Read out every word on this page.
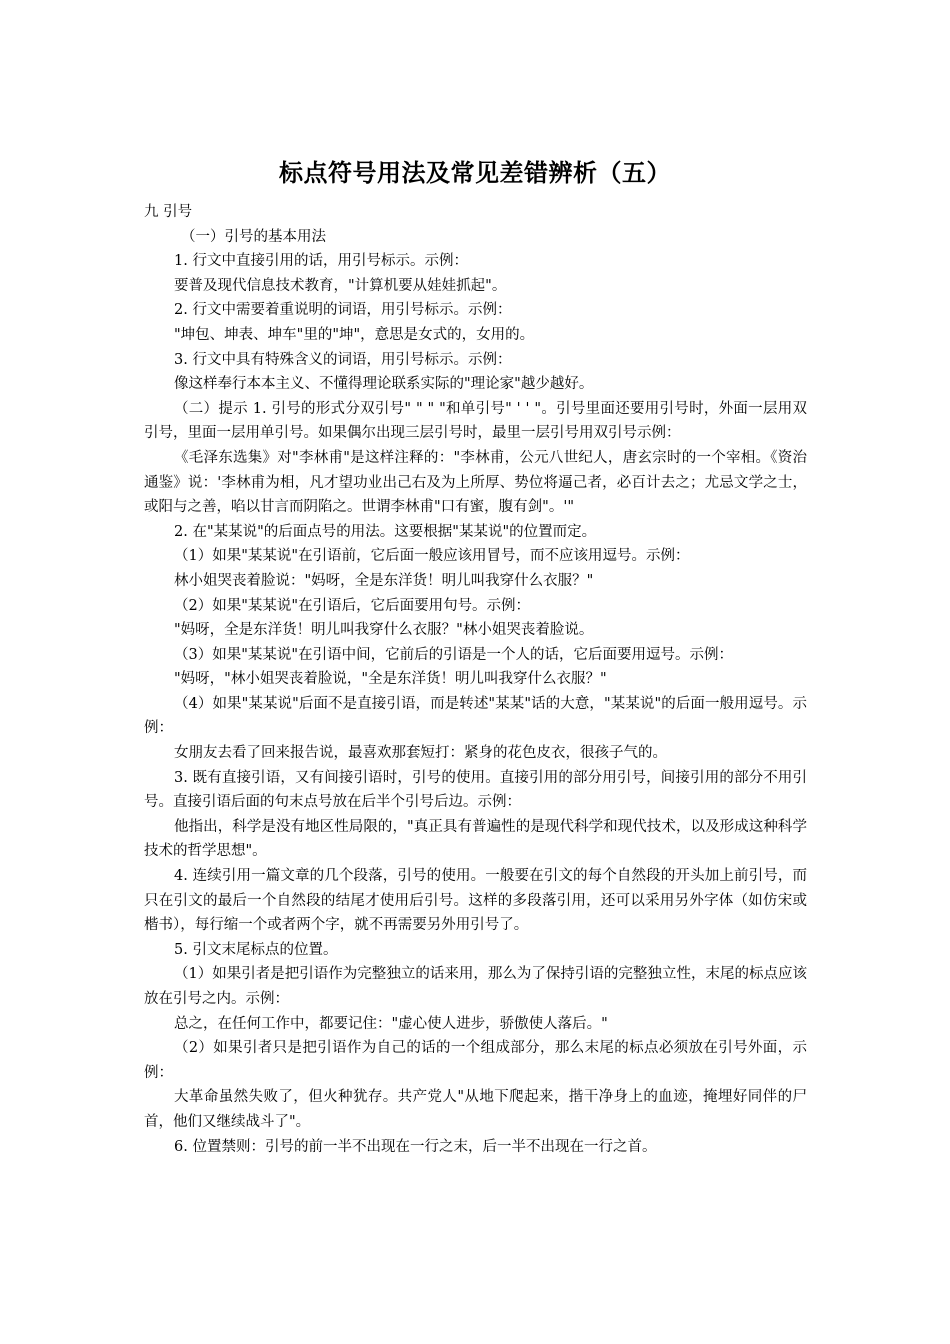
标点符号用法及常见差错辨析（五）

九 引号

（一）引号的基本用法

1. 行文中直接引用的话，用引号标示。示例：

要普及现代信息技术教育，"计算机要从娃娃抓起"。

2. 行文中需要着重说明的词语，用引号标示。示例：

"坤包、坤表、坤车"里的"坤"，意思是女式的，女用的。

3. 行文中具有特殊含义的词语，用引号标示。示例：

像这样奉行本本主义、不懂得理论联系实际的"理论家"越少越好。

（二）提示 1. 引号的形式分双引号" " " "和单引号" ' ' "。引号里面还要用引号时，外面一层用双引号，里面一层用单引号。如果偶尔出现三层引号时，最里一层引号用双引号示例：

《毛泽东选集》对"李林甫"是这样注释的："李林甫，公元八世纪人，唐玄宗时的一个宰相。《资治通鉴》说：'李林甫为相，凡才望功业出己右及为上所厚、势位将逼己者，必百计去之；尤忌文学之士，或阳与之善，啗以甘言而阴陷之。世谓李林甫"口有蜜，腹有剑"。'"

2. 在"某某说"的后面点号的用法。这要根据"某某说"的位置而定。

（1）如果"某某说"在引语前，它后面一般应该用冒号，而不应该用逗号。示例：

林小姐哭丧着脸说："妈呀，全是东洋货！明儿叫我穿什么衣服？"

（2）如果"某某说"在引语后，它后面要用句号。示例：

"妈呀，全是东洋货！明儿叫我穿什么衣服？"林小姐哭丧着脸说。

（3）如果"某某说"在引语中间，它前后的引语是一个人的话，它后面要用逗号。示例：

"妈呀，"林小姐哭丧着脸说，"全是东洋货！明儿叫我穿什么衣服？"

（4）如果"某某说"后面不是直接引语，而是转述"某某"话的大意，"某某说"的后面一般用逗号。示例：

女朋友去看了回来报告说，最喜欢那套短打：紧身的花色皮衣，很孩子气的。

3. 既有直接引语，又有间接引语时，引号的使用。直接引用的部分用引号，间接引用的部分不用引号。直接引语后面的句末点号放在后半个引号后边。示例：

他指出，科学是没有地区性局限的，"真正具有普遍性的是现代科学和现代技术，以及形成这种科学技术的哲学思想"。

4. 连续引用一篇文章的几个段落，引号的使用。一般要在引文的每个自然段的开头加上前引号，而只在引文的最后一个自然段的结尾才使用后引号。这样的多段落引用，还可以采用另外字体（如仿宋或楷书），每行缩一个或者两个字，就不再需要另外用引号了。

5. 引文末尾标点的位置。

（1）如果引者是把引语作为完整独立的话来用，那么为了保持引语的完整独立性，末尾的标点应该放在引号之内。示例：

总之，在任何工作中，都要记住："虚心使人进步，骄傲使人落后。"

（2）如果引者只是把引语作为自己的话的一个组成部分，那么末尾的标点必须放在引号外面，示例：

大革命虽然失败了，但火种犹存。共产党人"从地下爬起来，揩干净身上的血迹，掩埋好同伴的尸首，他们又继续战斗了"。

6. 位置禁则：引号的前一半不出现在一行之末，后一半不出现在一行之首。
